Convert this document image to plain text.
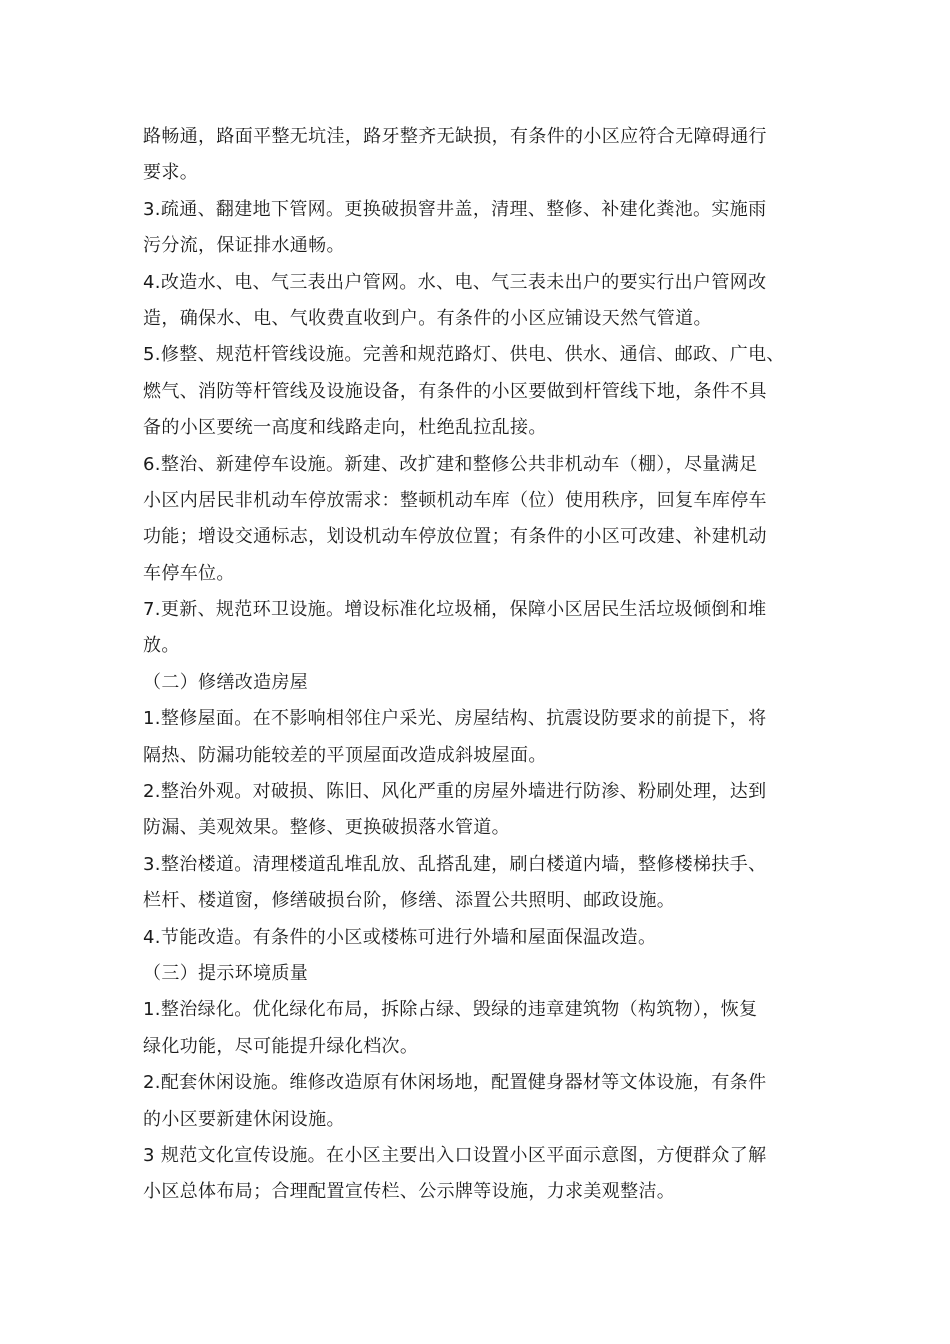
路畅通，路面平整无坑洼，路牙整齐无缺损，有条件的小区应符合无障碍通行
要求。
3.疏通、翻建地下管网。更换破损窨井盖，清理、整修、补建化粪池。实施雨
污分流，保证排水通畅。
4.改造水、电、气三表出户管网。水、电、气三表未出户的要实行出户管网改
造，确保水、电、气收费直收到户。有条件的小区应铺设天然气管道。
5.修整、规范杆管线设施。完善和规范路灯、供电、供水、通信、邮政、广电、
燃气、消防等杆管线及设施设备，有条件的小区要做到杆管线下地，条件不具
备的小区要统一高度和线路走向，杜绝乱拉乱接。
6.整治、新建停车设施。新建、改扩建和整修公共非机动车（棚），尽量满足
小区内居民非机动车停放需求：整顿机动车库（位）使用秩序，回复车库停车
功能；增设交通标志，划设机动车停放位置；有条件的小区可改建、补建机动
车停车位。
7.更新、规范环卫设施。增设标准化垃圾桶，保障小区居民生活垃圾倾倒和堆
放。
（二）修缮改造房屋
1.整修屋面。在不影响相邻住户采光、房屋结构、抗震设防要求的前提下，将
隔热、防漏功能较差的平顶屋面改造成斜坡屋面。
2.整治外观。对破损、陈旧、风化严重的房屋外墙进行防渗、粉刷处理，达到
防漏、美观效果。整修、更换破损落水管道。
3.整治楼道。清理楼道乱堆乱放、乱搭乱建，刷白楼道内墙，整修楼梯扶手、
栏杆、楼道窗，修缮破损台阶，修缮、添置公共照明、邮政设施。
4.节能改造。有条件的小区或楼栋可进行外墙和屋面保温改造。
（三）提示环境质量
1.整治绿化。优化绿化布局，拆除占绿、毁绿的违章建筑物（构筑物），恢复
绿化功能，尽可能提升绿化档次。
2.配套休闲设施。维修改造原有休闲场地，配置健身器材等文体设施，有条件
的小区要新建休闲设施。
3 规范文化宣传设施。在小区主要出入口设置小区平面示意图，方便群众了解
小区总体布局；合理配置宣传栏、公示牌等设施，力求美观整洁。
